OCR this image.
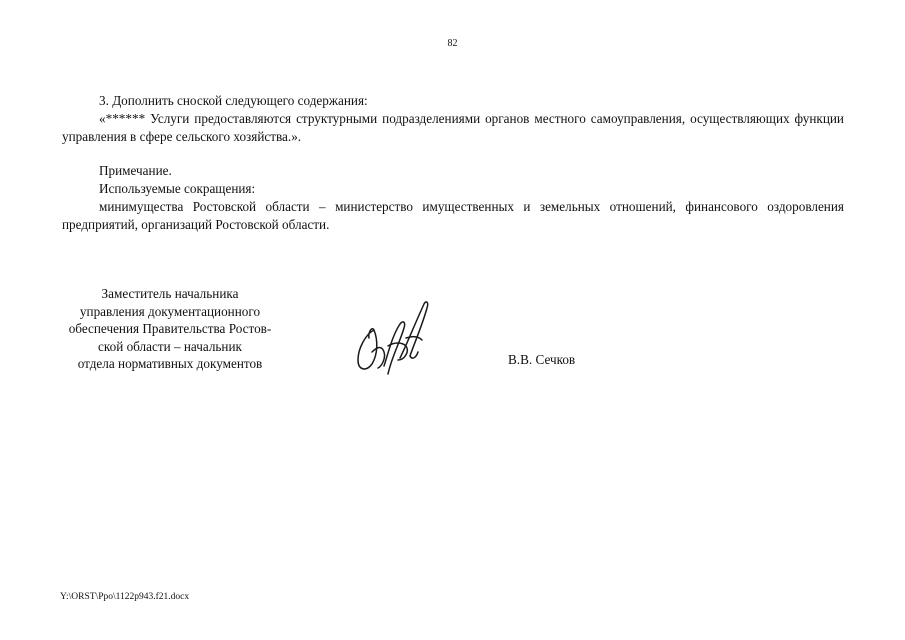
82

3. Дополнить сноской следующего содержания:

«****** Услуги предоставляются структурными подразделениями органов местного самоуправления, осуществляющих функции управления в сфере сельского хозяйства.».

Примечание.

Используемые сокращения:

минимущества Ростовской области – министерство имущественных и земельных отношений, финансового оздоровления предприятий, организаций Ростовской области.

Заместитель начальника
управления документационного
обеспечения Правительства Ростов-
ской области – начальник
отдела нормативных документов	В.В. Сечков
Y:\ORST\Ppo\1122p943.f21.docx
